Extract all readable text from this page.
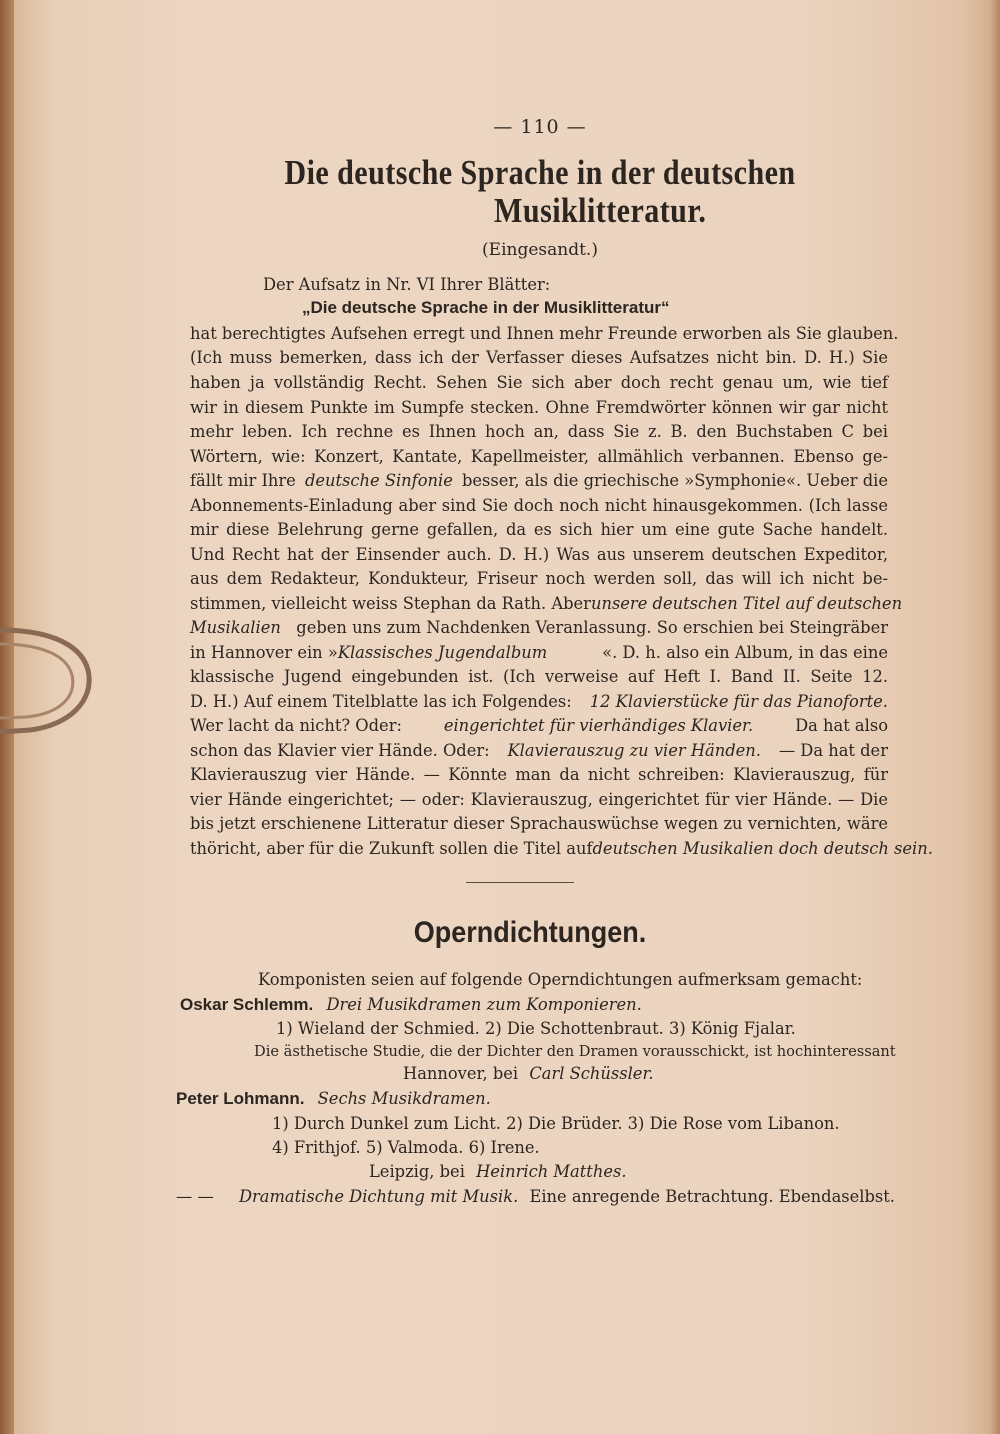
— 110 —
Die deutsche Sprache in der deutschen
Musiklitteratur.
(Eingesandt.)
Der Aufsatz in Nr. VI Ihrer Blätter:
„Die deutsche Sprache in der Musiklitteratur“
hat berechtigtes Aufsehen erregt und Ihnen mehr Freunde erworben als Sie glauben.
(Ich muss bemerken, dass ich der Verfasser dieses Aufsatzes nicht bin. D. H.) Sie
haben ja vollständig Recht. Sehen Sie sich aber doch recht genau um, wie tief
wir in diesem Punkte im Sumpfe stecken. Ohne Fremdwörter können wir gar nicht
mehr leben. Ich rechne es Ihnen hoch an, dass Sie z. B. den Buchstaben C bei
Wörtern, wie: Konzert, Kantate, Kapellmeister, allmählich verbannen. Ebenso ge-
fällt mir Ihre deutsche Sinfonie besser, als die griechische »Symphonie«. Ueber die
Abonnements-Einladung aber sind Sie doch noch nicht hinausgekommen. (Ich lasse
mir diese Belehrung gerne gefallen, da es sich hier um eine gute Sache handelt.
Und Recht hat der Einsender auch. D. H.) Was aus unserem deutschen Expeditor,
aus dem Redakteur, Kondukteur, Friseur noch werden soll, das will ich nicht be-
stimmen, vielleicht weiss Stephan da Rath. Aber unsere deutschen Titel auf deutschen
Musikalien geben uns zum Nachdenken Veranlassung. So erschien bei Steingräber
in Hannover ein »Klassisches Jugendalbum	«. D. h. also ein Album, in das eine
klassische Jugend eingebunden ist. (Ich verweise auf Heft I. Band II. Seite 12.
D. H.) Auf einem Titelblatte las ich Folgendes: 12 Klavierstücke für das Pianoforte.
Wer lacht da nicht? Oder:	eingerichtet für vierhändiges Klavier.	Da hat also
schon das Klavier vier Hände. Oder: Klavierauszug zu vier Händen. — Da hat der
Klavierauszug vier Hände. — Könnte man da nicht schreiben: Klavierauszug, für
vier Hände eingerichtet; — oder: Klavierauszug, eingerichtet für vier Hände. — Die
bis jetzt erschienene Litteratur dieser Sprachauswüchse wegen zu vernichten, wäre
thöricht, aber für die Zukunft sollen die Titel auf deutschen Musikalien doch deutsch sein.
Operndichtungen.
Komponisten seien auf folgende Operndichtungen aufmerksam gemacht:
Oskar Schlemm. Drei Musikdramen zum Komponieren.
1) Wieland der Schmied. 2) Die Schottenbraut. 3) König Fjalar.
Die ästhetische Studie, die der Dichter den Dramen vorausschickt, ist hochinteressant
Hannover, bei Carl Schüssler.
Peter Lohmann. Sechs Musikdramen.
1) Durch Dunkel zum Licht. 2) Die Brüder. 3) Die Rose vom Libanon.
4) Frithjof. 5) Valmoda. 6) Irene.
Leipzig, bei Heinrich Matthes.
— — Dramatische Dichtung mit Musik. Eine anregende Betrachtung. Ebendaselbst.
